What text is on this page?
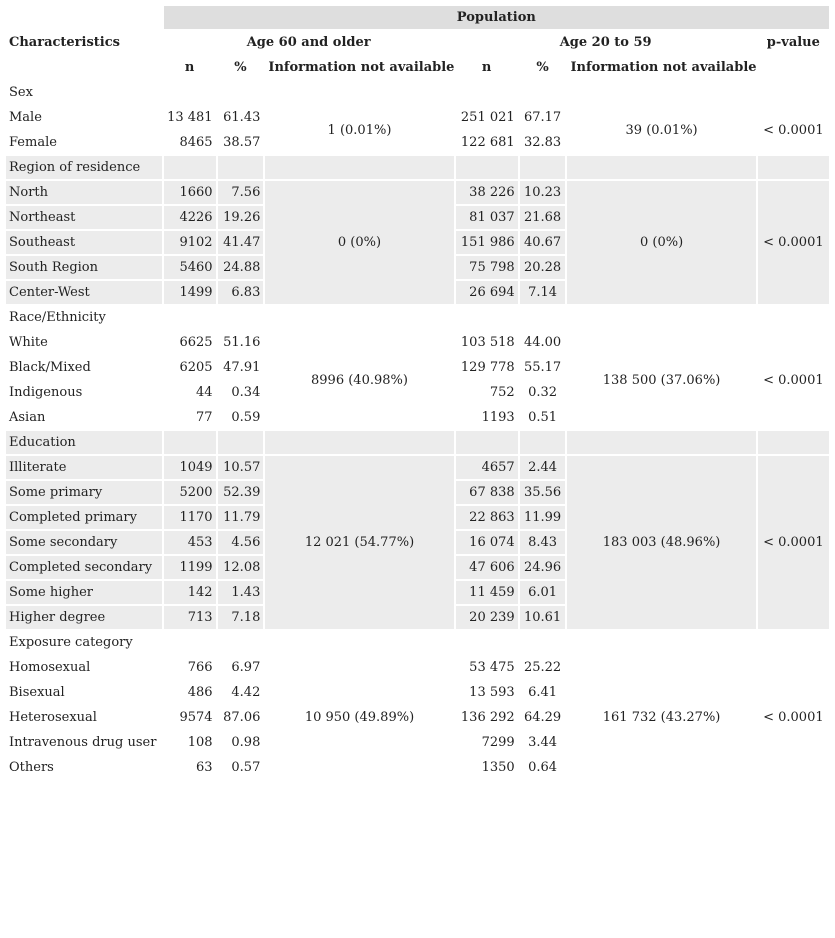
	Population						
Characteristics	Age 60 and older			Age 20 to 59			p-value
	n	%	Information not available	n	%	Information not available	
Sex							
Male	13 481	61.43	1 (0.01%)	251 021	67.17	39 (0.01%)	< 0.0001
Female	8465	38.57		122 681	32.83		
Region of residence							
North	1660	7.56	0 (0%)	38 226	10.23	0 (0%)	< 0.0001
Northeast	4226	19.26		81 037	21.68		
Southeast	9102	41.47		151 986	40.67		
South Region	5460	24.88		75 798	20.28		
Center-West	1499	6.83		26 694	7.14		
Race/Ethnicity							
White	6625	51.16	8996 (40.98%)	103 518	44.00	138 500 (37.06%)	< 0.0001
Black/Mixed	6205	47.91		129 778	55.17		
Indigenous	44	0.34		752	0.32		
Asian	77	0.59		1193	0.51		
Education							
Illiterate	1049	10.57	12 021 (54.77%)	4657	2.44	183 003 (48.96%)	< 0.0001
Some primary	5200	52.39		67 838	35.56		
Completed primary	1170	11.79		22 863	11.99		
Some secondary	453	4.56		16 074	8.43		
Completed secondary	1199	12.08		47 606	24.96		
Some higher	142	1.43		11 459	6.01		
Higher degree	713	7.18		20 239	10.61		
Exposure category							
Homosexual	766	6.97	10 950 (49.89%)	53 475	25.22	161 732 (43.27%)	< 0.0001
Bisexual	486	4.42		13 593	6.41		
Heterosexual	9574	87.06		136 292	64.29		
Intravenous drug user	108	0.98		7299	3.44		
Others	63	0.57		1350	0.64		
